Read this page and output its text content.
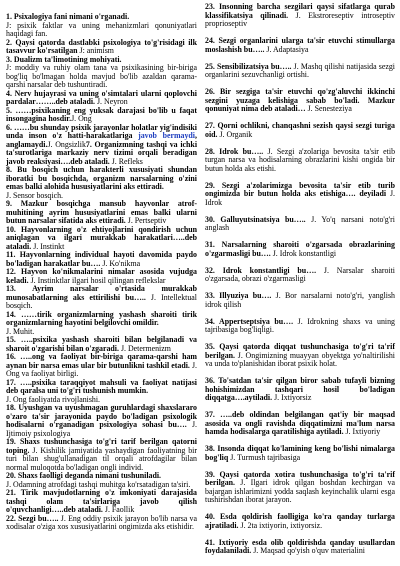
1. Psixalogiya fani nimani o'rganadi.
J: psixik faktlar va uning mehanizmlari qonuniyatlari haqidagi fan.

2. Qaysi qatorda dastlabki psixologiya to'g'risidagi ilk tasavvur ko'rsatilgan J: animism

3. Dualizm ta'limotining mohiyati.
J: moddiy va ruhiy olam tana va psixikasining bir-biriga bog'liq bo'lmagan holda mavjud bo'lib azaldan qarama-qarshi narsalar deb tushuntiradi.

4. Nerv hujayrasi va uning o'simtalari ularni qoplovchi pardalar……..deb ataladi. J. Neyron

5. ……psixikaning eng yuksak darajasi bo'lib u faqat insongagina hosdir.J. Ong

6. ……bu shunday psixik jarayonlar holatlar yig'indisiki unda inson o'z hatti-harakatlariga javob bermaydi, anglamaydi.J. Ongsizlik7. Organizmning tashqi va ichki ta'surotlariga markaziy nerv tizimi orqali beradigan javob reaksiyasi….deb ataladi. J. Refleks

8. Bu bosqich uchun harakterli xususiyati shundan iboratki bu bosqichda, organizm narsalarning o'zini emas balki alohida hususiyatlarini aks ettiradi.
J. Sensor bosqich.

9. Mazkur bosqichga mansub hayvonlar atrof-muhitining ayrim hususiyatlarini emas balki ularni butun narsalar sifatida aks ettiradi. J. Pertseptiv

10. Hayvonlarning o'z ehtiyojlarini qondirish uchun aniqlagan va ilgari murakkab harakatlari…..deb ataladi. J. Instinkt

11. Hayvonlarning individual hayoti davomida paydo bo'ladigan harakatlar bu…. J. Ko'nikma

12. Hayvon ko'nikmalarini nimalar asosida vujudga keladi. J. Instinktlar ilgari hosil qilingan reflekslar

13. Ayrim narsalar o'rtasida murakkab munosabatlarning aks ettirilishi bu….. J. Intellektual bosqich.

14. ……tirik organizmlarning yashash sharoiti tirik organizmlarning hayotini belgilovchi omildir.
J. Muhit.

15. …..psixika yashash sharoiti bilan belgilanadi va sharoit o'zgarishi bilan o'zgaradi. J. Determenizm

16. …..ong va faoliyat bir-biriga qarama-qarshi ham aynan bir narsa emas ular bir butunlikni tashkil etadi. J. Ong va faoliyat birligi.

17. …..psixika taraqqiyot mahsuli va faoliyat natijasi deb qaralsa uni to'g'ri tushunish mumkin.
J. Ong faoliyatda rivojlanishi.

18. Uyushgan va uyushmagan guruhlardagi shaxslararo o'zaro ta'sir jarayonida paydo bo'ladigan psixologik hodisalarni o'rganadigan psixologiya sohasi bu…. J. Ijtimoiy psixologiya

19. Shaxs tushunchasiga to'g'ri tarif berilgan qatorni toping. J. Kishilik jamiyatida yashaydigan faoliyatning bir turi bilan shug'ullanadigan til orqali atrofdagilar bilan normal muloqotda bo'ladigan ongli individ.

20. Shaxs faolligi deganda nimani tushuniladi.
J. Odamning atrofdagi tashqi muhitga ko'rsatadigan ta'siri.

21. Tirik mavjudotlarning o'z imkoniyati darajasida tashqi olam ta'sirlariga javob qilish o'quvchanligi…..deb ataladi. J. Faollik

22. Sezgi bu….. J. Eng oddiy psixik jarayon bo'lib narsa va xodisalar o'ziga xos xususiyatlarini ongimizda aks etishidir.

23. Insonning barcha sezgilari qaysi sifatlarga qurab klassifikatsiya qilinadi. J. Ekstroreseptiv introseptiv proprioseptiv

24. Sezgi organlarini ularga ta'sir etuvchi stimullarga moslashish bu….. J. Adaptasiya

25. Sensibilizatsiya bu….. J. Mashq qilishi natijasida sezgi organlarini sezuvchanligi ortishi.

26. Bir sezgiga ta'sir etuvchi qo'zg'aluvchi ikkinchi sezgini yuzaga kelishiga sabab bo'ladi. Mazkur qonuniyat nima deb ataladi… J. Senesteziya

27. Qorni ochlikni, chanqashni sezish qaysi sezgi turiga oid. J. Organik

28. Idrok bu….. J. Sezgi a'zolariga bevosita ta'sir etib turgan narsa va hodisalarning obrazlarini kishi ongida bir butun holda aks etishi.

29. Sezgi a'zolarimizga bevosita ta'sir etib turib ongimizda bir butun holda aks etishiga…. deyiladi J. Idrok

30. Galluyutsinatsiya bu….. J. Yo'q narsani noto'g'ri anglash

31. Narsalarning sharoiti o'zgarsada obrazlarining o'zgarmasligi bu…. J. Idrok konstantligi

32. Idrok konstantligi bu…. J. Narsalar sharoiti o'zgarsada, obrazi o'zgarmasligi

33. Illyuziya bu…. J. Bor narsalarni noto'g'ri, yanglish idrok qilish

34. Appertseptsiya bu…. J. Idrokning shaxs va uning tajribasiga bog'liqligi.

35. Qaysi qatorda diqqat tushunchasiga to'g'ri ta'rif berilgan. J. Ongimizning muayyan obyektga yo'naltirilishi va unda to'planishidan iborat psixik holat.

36. To'satdan ta'sir qilgan biror sabab tufayli bizning hohishimizdan tashqari hosil bo'ladigan diqqatga….aytiladi. J. Ixtiyorsiz

37. …..deb oldindan belgilangan qat'iy bir maqsad asosida va ongli ravishda diqqatimizni ma'lum narsa hamda hodisalarga qaratilishiga aytiladi. J. Ixtiyoriy

38. Insonda diqqat ko'lamining keng bo'lishi nimalarga bog'liq J. Turmush tajribasiga

39. Qaysi qatorda xotira tushunchasiga to'g'ri ta'rif berilgan. J. Ilgari idrok qilgan boshdan kechirgan va bajargan ishlarimizni yodda saqlash keyinchalik ularni esga tushirishdan iborat jarayon.

40. Esda qoldirish faolligiga ko'ra qanday turlarga ajratiladi. J. 2ta ixtiyorin, ixtiyorsiz.

41. Ixtiyoriy esda olib qoldirishda qanday usullardan foydalaniladi. J. Maqsad qo'yish o'quv materialini
